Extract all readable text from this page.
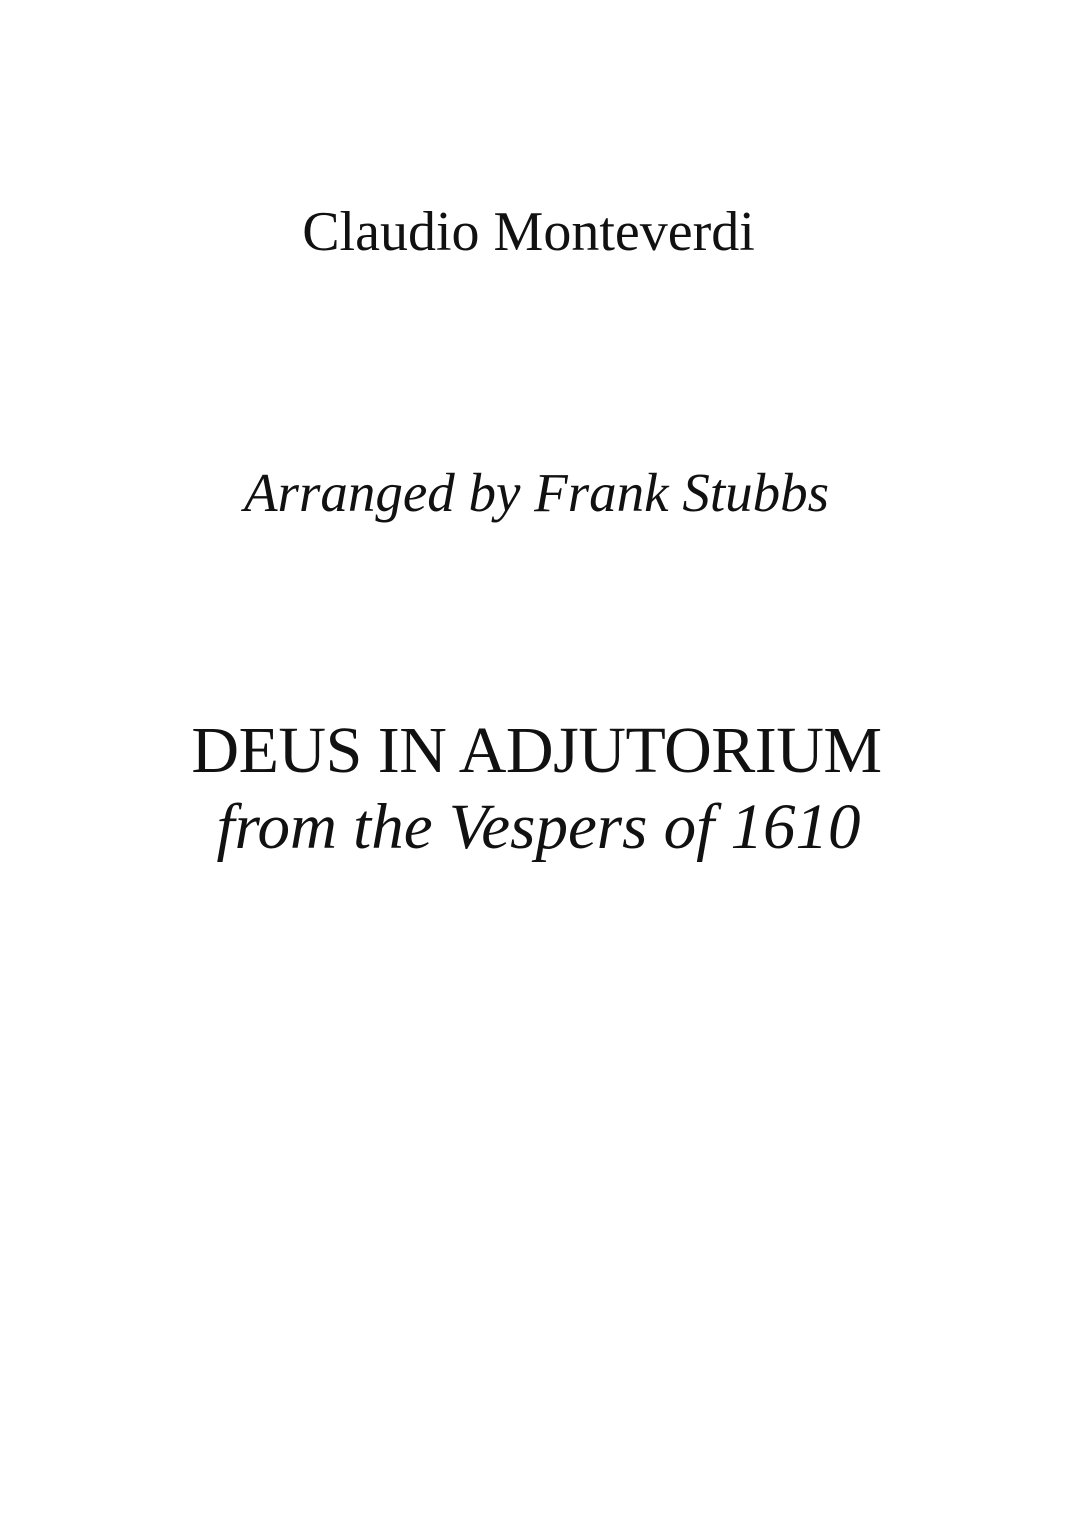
Claudio Monteverdi
Arranged by Frank Stubbs
DEUS IN ADJUTORIUM
from the Vespers of 1610
